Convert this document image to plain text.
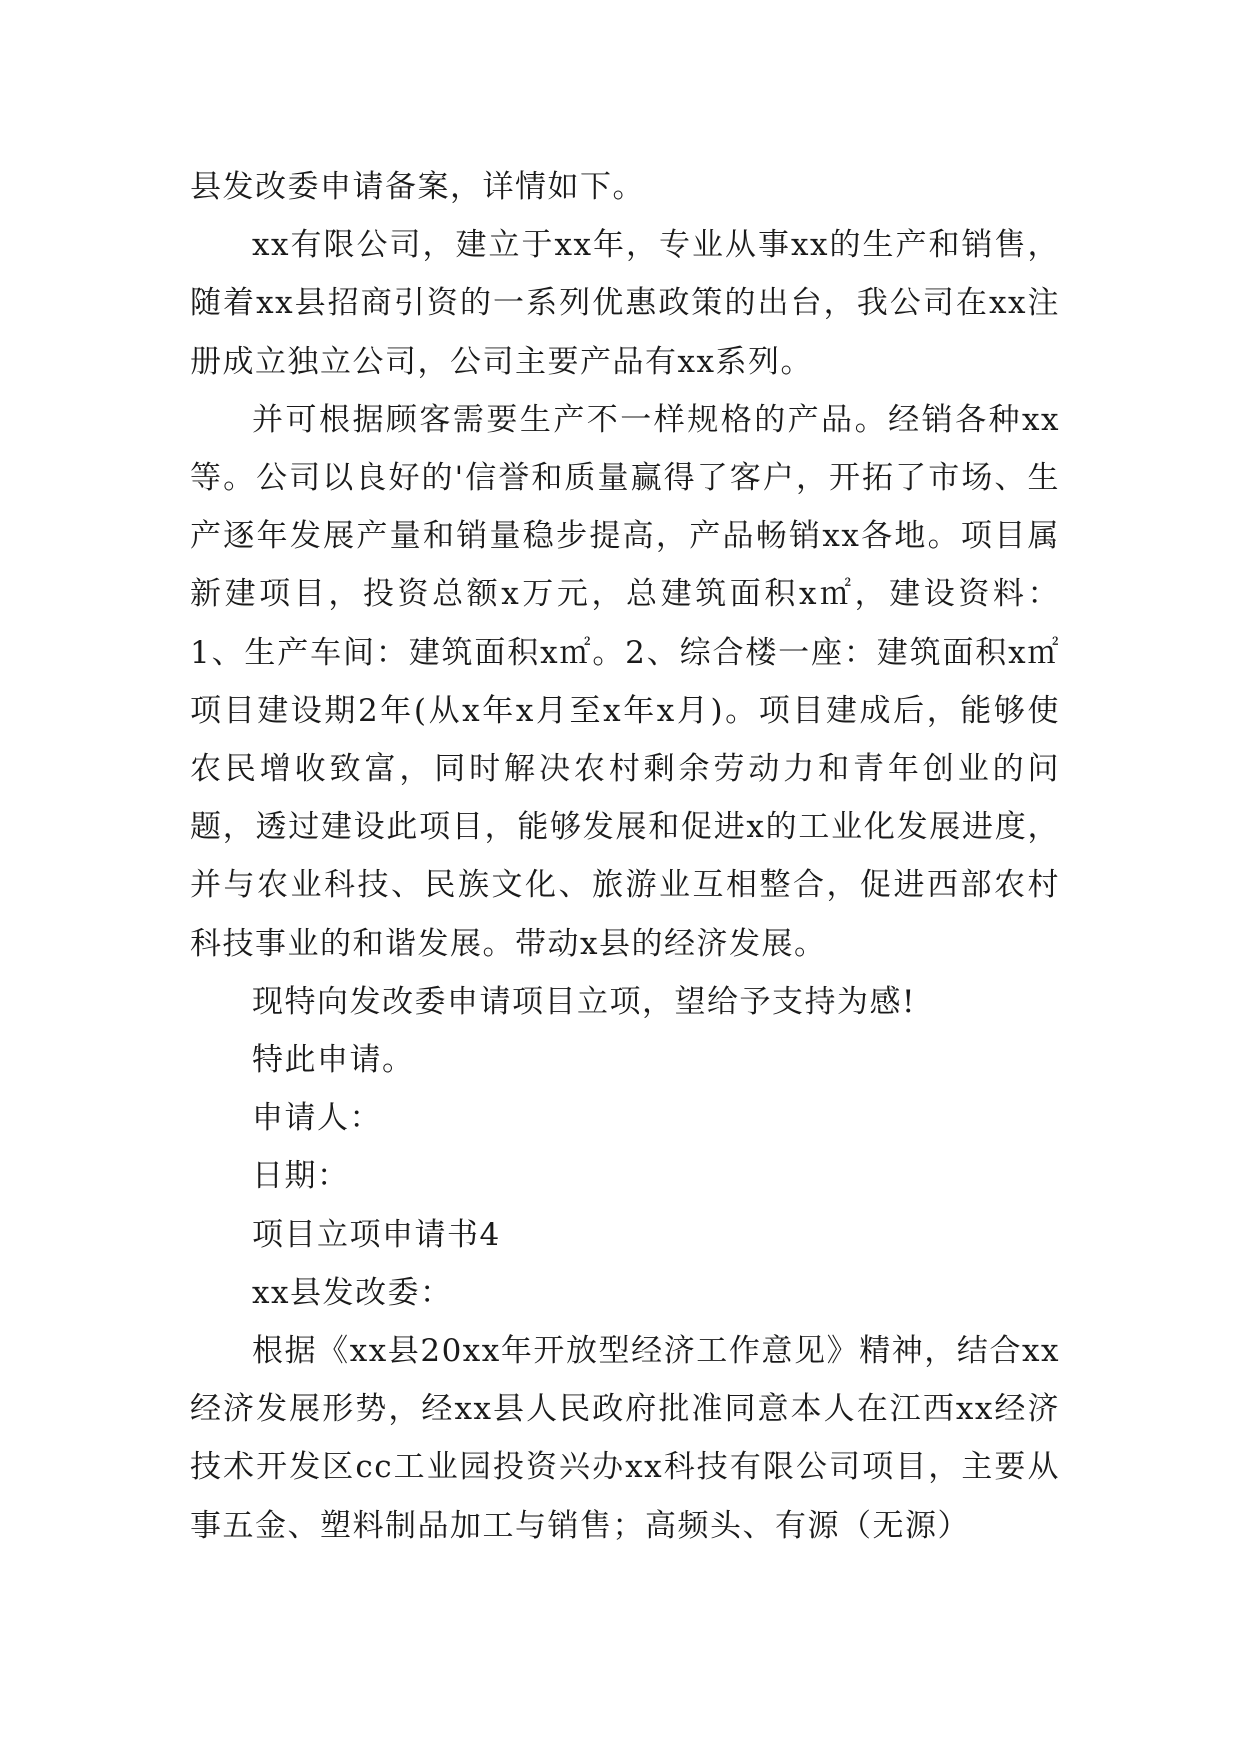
县发改委申请备案，详情如下。

xx有限公司，建立于xx年，专业从事xx的生产和销售，随着xx县招商引资的一系列优惠政策的出台，我公司在xx注册成立独立公司，公司主要产品有xx系列。

并可根据顾客需要生产不一样规格的产品。经销各种xx等。公司以良好的'信誉和质量赢得了客户，开拓了市场、生产逐年发展产量和销量稳步提高，产品畅销xx各地。项目属新建项目，投资总额x万元，总建筑面积x㎡，建设资料：1、生产车间：建筑面积x㎡。2、综合楼一座：建筑面积x㎡项目建设期2年(从x年x月至x年x月)。项目建成后，能够使农民增收致富，同时解决农村剩余劳动力和青年创业的问题，透过建设此项目，能够发展和促进x的工业化发展进度，并与农业科技、民族文化、旅游业互相整合，促进西部农村科技事业的和谐发展。带动x县的经济发展。

现特向发改委申请项目立项，望给予支持为感!

特此申请。

申请人：

日期：

项目立项申请书4

xx县发改委：

根据《xx县20xx年开放型经济工作意见》精神，结合xx经济发展形势，经xx县人民政府批准同意本人在江西xx经济技术开发区cc工业园投资兴办xx科技有限公司项目，主要从事五金、塑料制品加工与销售；高频头、有源（无源）
